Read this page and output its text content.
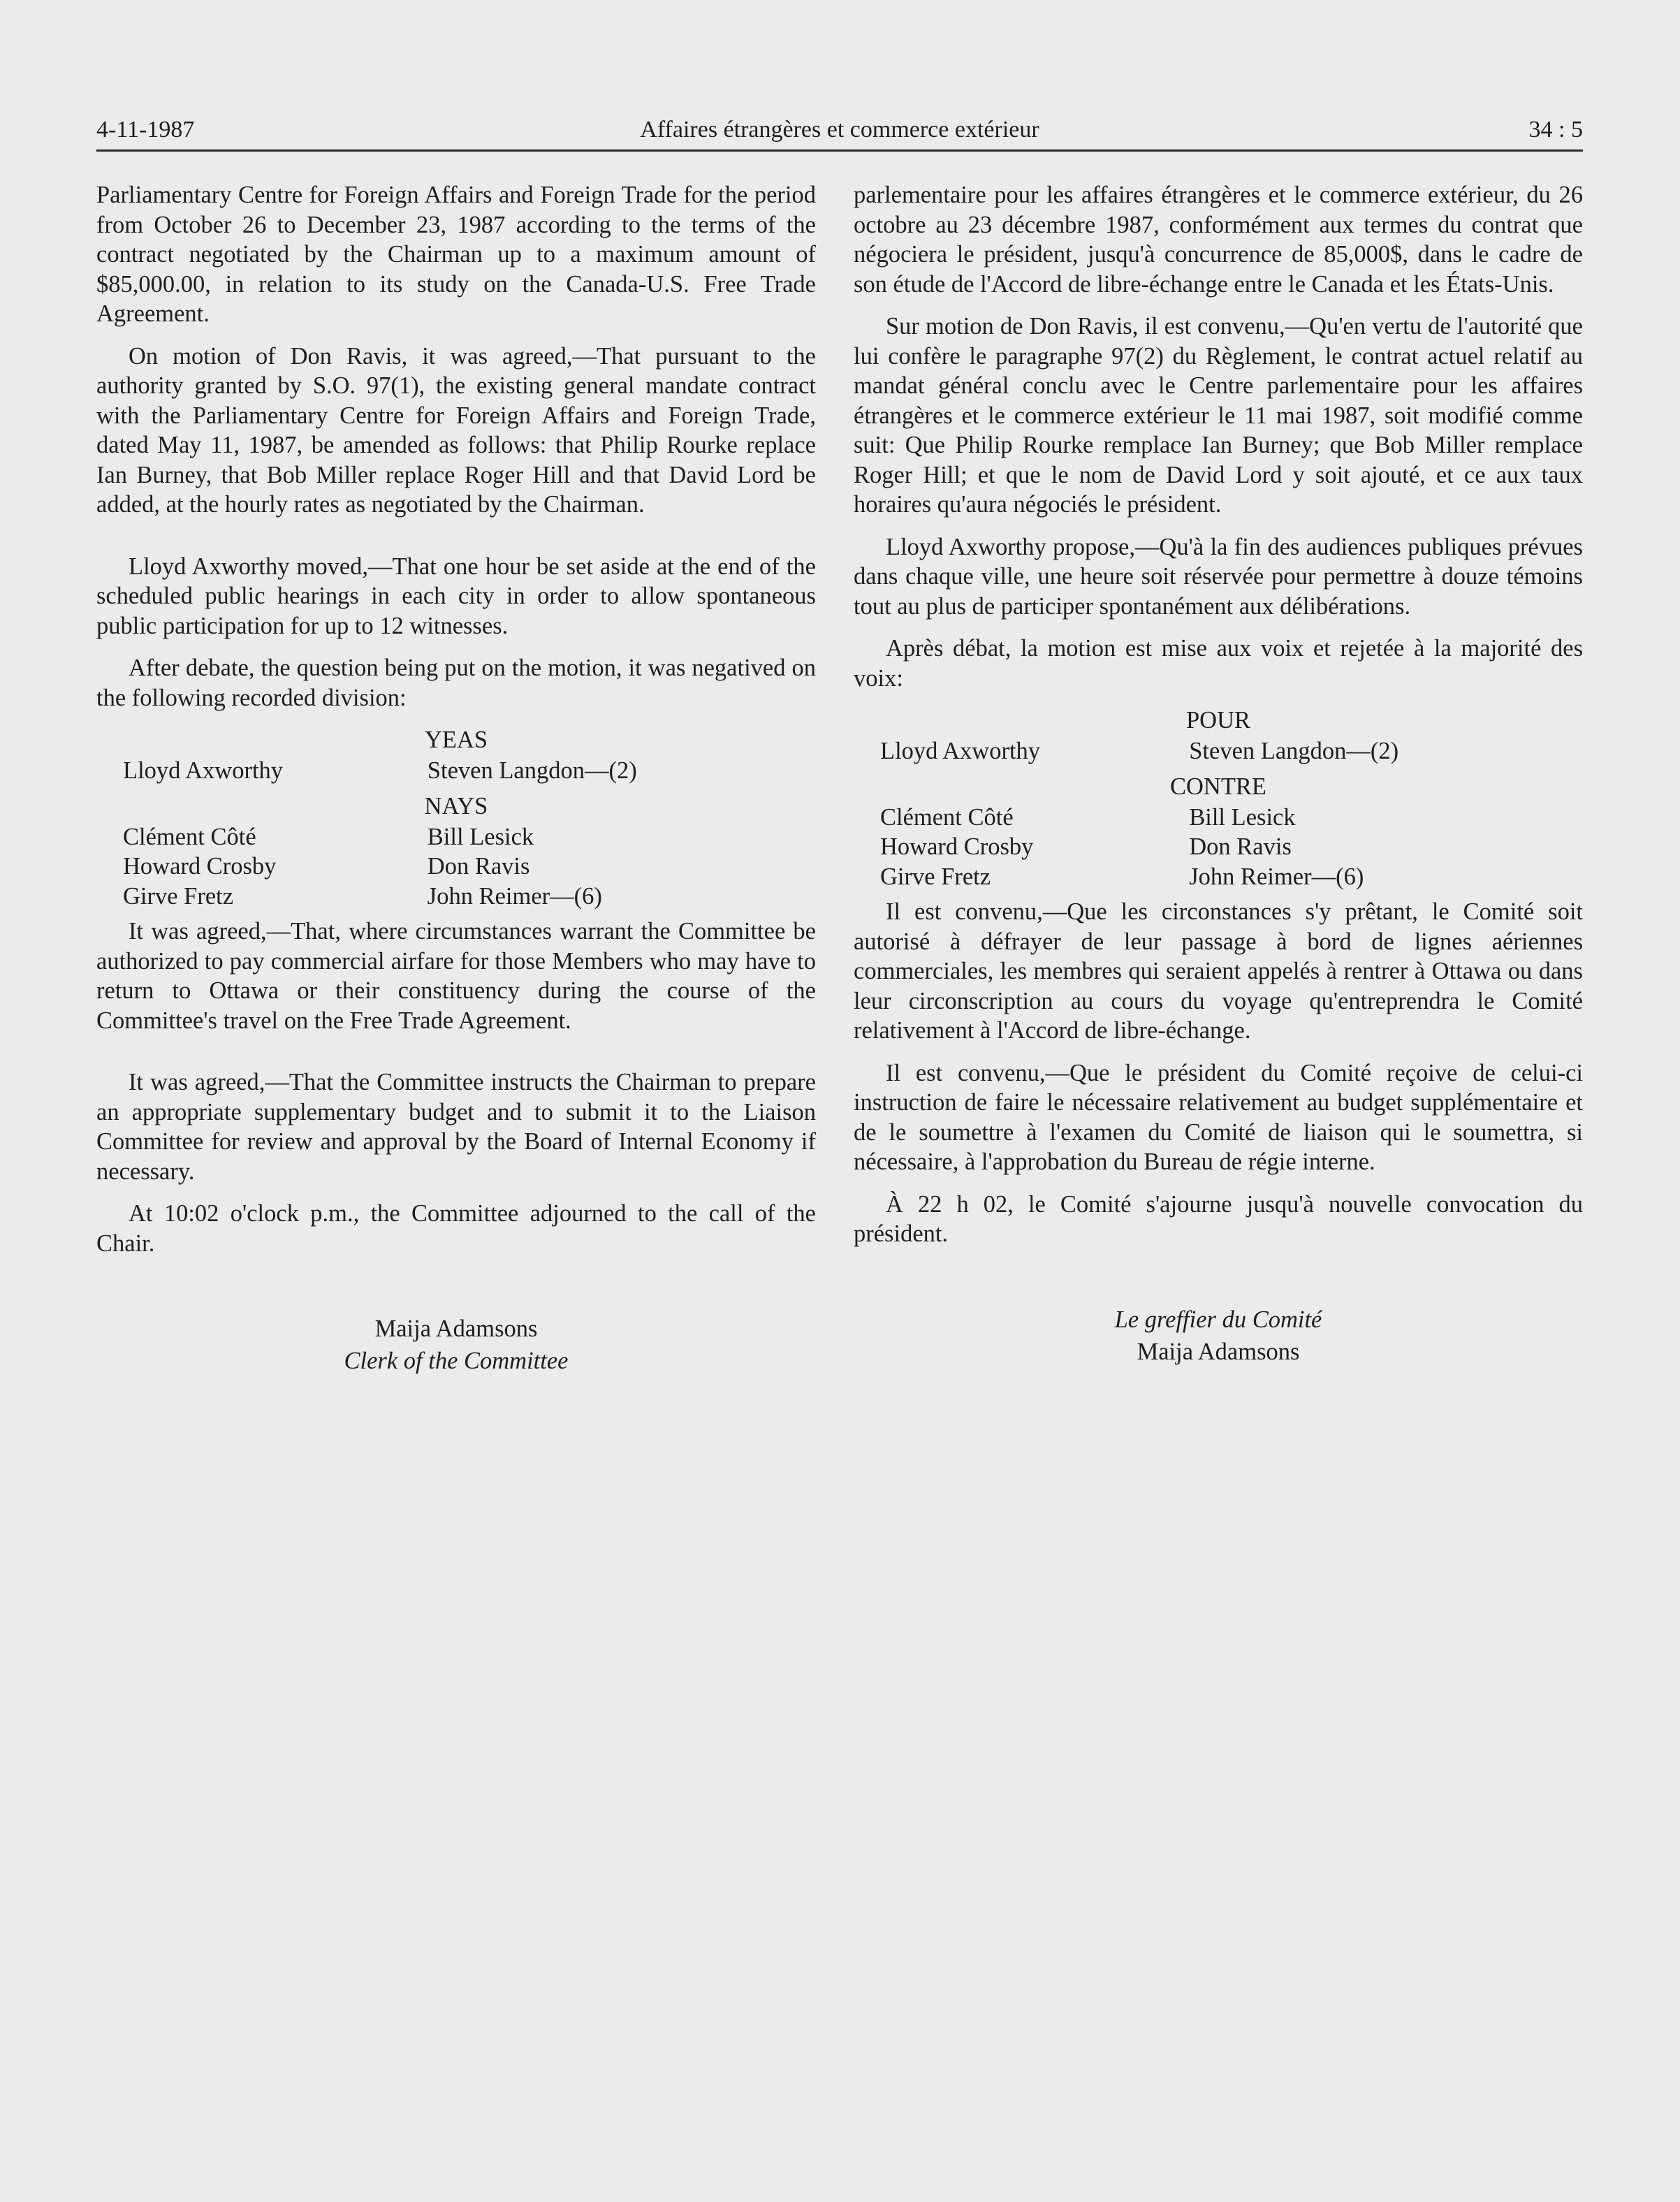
4-11-1987	Affaires étrangères et commerce extérieur	34 : 5

Parliamentary Centre for Foreign Affairs and Foreign Trade for the period from October 26 to December 23, 1987 according to the terms of the contract negotiated by the Chairman up to a maximum amount of $85,000.00, in relation to its study on the Canada-U.S. Free Trade Agreement.

On motion of Don Ravis, it was agreed,—That pursuant to the authority granted by S.O. 97(1), the existing general mandate contract with the Parliamentary Centre for Foreign Affairs and Foreign Trade, dated May 11, 1987, be amended as follows: that Philip Rourke replace Ian Burney, that Bob Miller replace Roger Hill and that David Lord be added, at the hourly rates as negotiated by the Chairman.

Lloyd Axworthy moved,—That one hour be set aside at the end of the scheduled public hearings in each city in order to allow spontaneous public participation for up to 12 witnesses.

After debate, the question being put on the motion, it was negatived on the following recorded division:

YEAS
Lloyd Axworthy	Steven Langdon—(2)
NAYS
Clément Côté	Bill Lesick
Howard Crosby	Don Ravis
Girve Fretz	John Reimer—(6)

It was agreed,—That, where circumstances warrant the Committee be authorized to pay commercial airfare for those Members who may have to return to Ottawa or their constituency during the course of the Committee's travel on the Free Trade Agreement.

It was agreed,—That the Committee instructs the Chairman to prepare an appropriate supplementary budget and to submit it to the Liaison Committee for review and approval by the Board of Internal Economy if necessary.

At 10:02 o'clock p.m., the Committee adjourned to the call of the Chair.

Maija Adamsons
Clerk of the Committee

parlementaire pour les affaires étrangères et le commerce extérieur, du 26 octobre au 23 décembre 1987, conformément aux termes du contrat que négociera le président, jusqu'à concurrence de 85,000$, dans le cadre de son étude de l'Accord de libre-échange entre le Canada et les États-Unis.

Sur motion de Don Ravis, il est convenu,—Qu'en vertu de l'autorité que lui confère le paragraphe 97(2) du Règlement, le contrat actuel relatif au mandat général conclu avec le Centre parlementaire pour les affaires étrangères et le commerce extérieur le 11 mai 1987, soit modifié comme suit: Que Philip Rourke remplace Ian Burney; que Bob Miller remplace Roger Hill; et que le nom de David Lord y soit ajouté, et ce aux taux horaires qu'aura négociés le président.

Lloyd Axworthy propose,—Qu'à la fin des audiences publiques prévues dans chaque ville, une heure soit réservée pour permettre à douze témoins tout au plus de participer spontanément aux délibérations.

Après débat, la motion est mise aux voix et rejetée à la majorité des voix:

POUR
Lloyd Axworthy	Steven Langdon—(2)
CONTRE
Clément Côté	Bill Lesick
Howard Crosby	Don Ravis
Girve Fretz	John Reimer—(6)

Il est convenu,—Que les circonstances s'y prêtant, le Comité soit autorisé à défrayer de leur passage à bord de lignes aériennes commerciales, les membres qui seraient appelés à rentrer à Ottawa ou dans leur circonscription au cours du voyage qu'entreprendra le Comité relativement à l'Accord de libre-échange.

Il est convenu,—Que le président du Comité reçoive de celui-ci instruction de faire le nécessaire relativement au budget supplémentaire et de le soumettre à l'examen du Comité de liaison qui le soumettra, si nécessaire, à l'approbation du Bureau de régie interne.

À 22 h 02, le Comité s'ajourne jusqu'à nouvelle convocation du président.

Le greffier du Comité
Maija Adamsons
